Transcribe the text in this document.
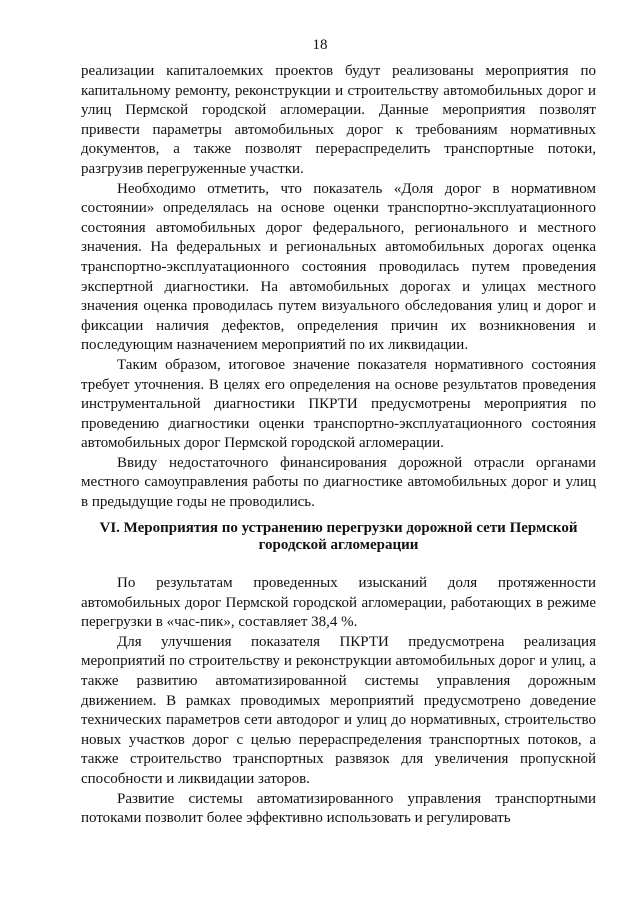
18

реализации капиталоемких проектов будут реализованы мероприятия по капитальному ремонту, реконструкции и строительству автомобильных дорог и улиц Пермской городской агломерации. Данные мероприятия позволят привести параметры автомобильных дорог к требованиям нормативных документов, а также позволят перераспределить транспортные потоки, разгрузив перегруженные участки.

Необходимо отметить, что показатель «Доля дорог в нормативном состоянии» определялась на основе оценки транспортно-эксплуатационного состояния автомобильных дорог федерального, регионального и местного значения. На федеральных и региональных автомобильных дорогах оценка транспортно-эксплуатационного состояния проводилась путем проведения экспертной диагностики. На автомобильных дорогах и улицах местного значения оценка проводилась путем визуального обследования улиц и дорог и фиксации наличия дефектов, определения причин их возникновения и последующим назначением мероприятий по их ликвидации.

Таким образом, итоговое значение показателя нормативного состояния требует уточнения. В целях его определения на основе результатов проведения инструментальной диагностики ПКРТИ предусмотрены мероприятия по проведению диагностики оценки транспортно-эксплуатационного состояния автомобильных дорог Пермской городской агломерации.

Ввиду недостаточного финансирования дорожной отрасли органами местного самоуправления работы по диагностике автомобильных дорог и улиц в предыдущие годы не проводились.

VI. Мероприятия по устранению перегрузки дорожной сети Пермской
городской агломерации

По результатам проведенных изысканий доля протяженности автомобильных дорог Пермской городской агломерации, работающих в режиме перегрузки в «час-пик», составляет 38,4 %.

Для улучшения показателя ПКРТИ предусмотрена реализация мероприятий по строительству и реконструкции автомобильных дорог и улиц, а также развитию автоматизированной системы управления дорожным движением. В рамках проводимых мероприятий предусмотрено доведение технических параметров сети автодорог и улиц до нормативных, строительство новых участков дорог с целью перераспределения транспортных потоков, а также строительство транспортных развязок для увеличения пропускной способности и ликвидации заторов.

Развитие системы автоматизированного управления транспортными потоками позволит более эффективно использовать и регулировать
